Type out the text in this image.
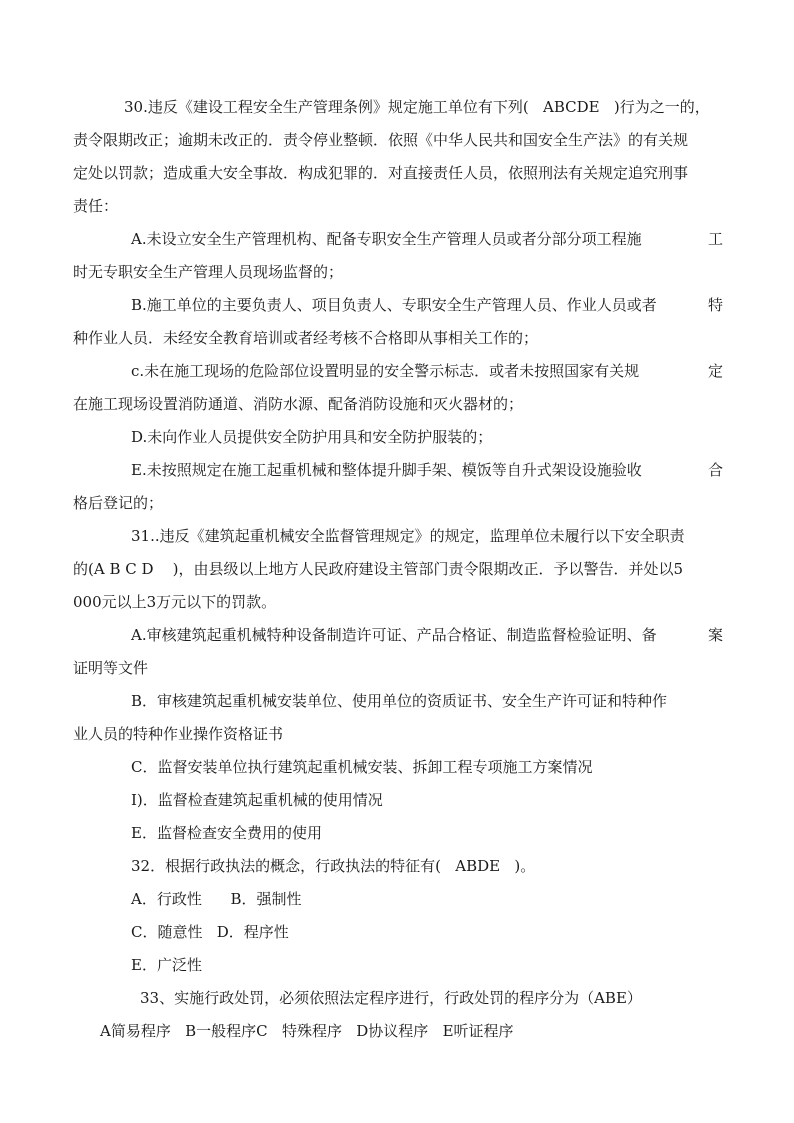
30.违反《建设工程安全生产管理条例》规定施工单位有下列(   ABCDE   )行为之一的，
责令限期改正；逾期未改正的．责令停业整顿．依照《中华人民共和国安全生产法》的有关规
定处以罚款；造成重大安全事故．构成犯罪的．对直接责任人员，依照刑法有关规定追究刑事
责任：
A.未设立安全生产管理机构、配备专职安全生产管理人员或者分部分项工程施	工
时无专职安全生产管理人员现场监督的；
B.施工单位的主要负责人、项目负责人、专职安全生产管理人员、作业人员或者	特
种作业人员．未经安全教育培训或者经考核不合格即从事相关工作的；
c.未在施工现场的危险部位设置明显的安全警示标志．或者未按照国家有关规	定
在施工现场设置消防通道、消防水源、配备消防设施和灭火器材的；
D.未向作业人员提供安全防护用具和安全防护服装的；
E.未按照规定在施工起重机械和整体提升脚手架、模饭等自升式架设设施验收	合
格后登记的；
31..违反《建筑起重机械安全监督管理规定》的规定，监理单位未履行以下安全职责
的(A B C D    )，由县级以上地方人民政府建设主管部门责令限期改正．予以警告．并处以5
000元以上3万元以下的罚款。
A.审核建筑起重机械特种设备制造许可证、产品合格证、制造监督检验证明、备	案
证明等文件
B．审核建筑起重机械安装单位、使用单位的资质证书、安全生产许可证和特种作
业人员的特种作业操作资格证书
C．监督安装单位执行建筑起重机械安装、拆卸工程专项施工方案情况
I)．监督检查建筑起重机械的使用情况
E．监督检查安全费用的使用
32．根据行政执法的概念，行政执法的特征有(   ABDE   )。
A．行政性      B．强制性
C．随意性   D．程序性
E．广泛性
33、实施行政处罚，必须依照法定程序进行，行政处罚的程序分为（ABE）
A简易程序   B一般程序C   特殊程序   D协议程序   E听证程序
